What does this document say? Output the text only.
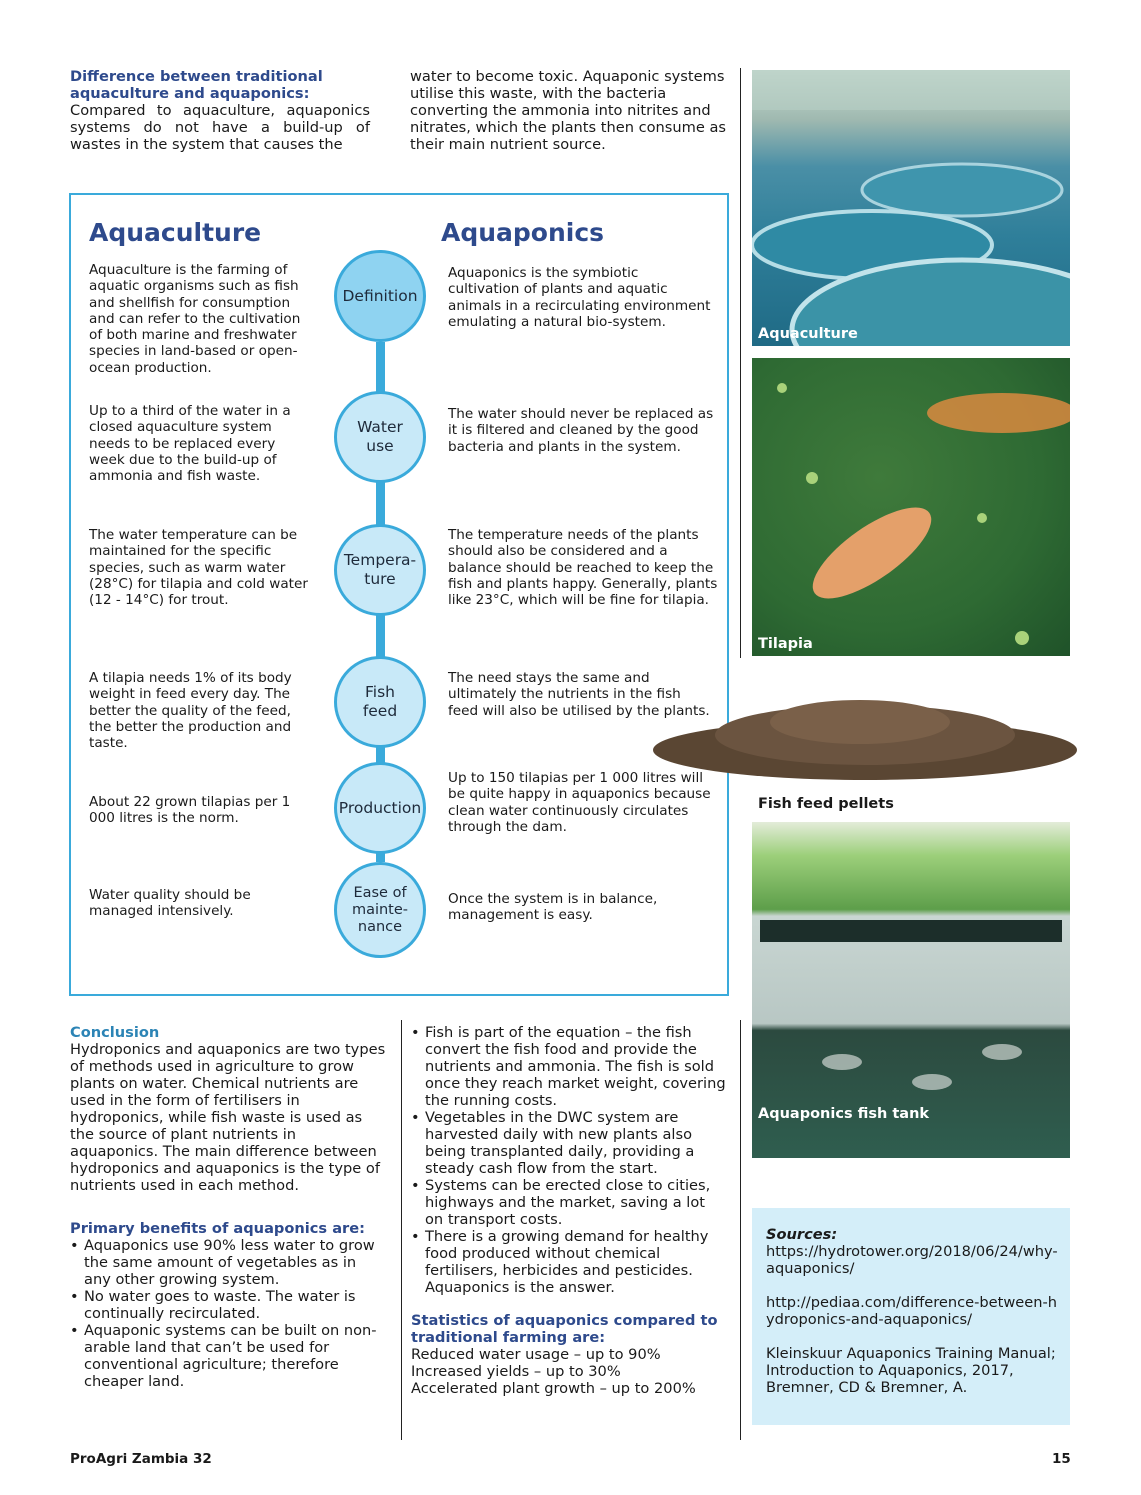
Difference between traditional aquaculture and aquaponics:
Compared to aquaculture, aquaponics systems do not have a build-up of wastes in the system that causes the
water to become toxic. Aquaponic systems utilise this waste, with the bacteria converting the ammonia into nitrites and nitrates, which the plants then consume as their main nutrient source.
Aquaculture	Aquaponics
Definition
Aquaculture is the farming of aquatic organisms such as fish and shellfish for consumption and can refer to the cultivation of both marine and freshwater species in land-based or open-ocean production.
Aquaponics is the symbiotic cultivation of plants and aquatic animals in a recirculating environment emulating a natural bio-system.
Water use
Up to a third of the water in a closed aquaculture system needs to be replaced every week due to the build-up of ammonia and fish waste.
The water should never be replaced as it is filtered and cleaned by the good bacteria and plants in the system.
Tempera-
ture
The water temperature can be maintained for the specific species, such as warm water (28°C) for tilapia and cold water (12 - 14°C) for trout.
The temperature needs of the plants should also be considered and a balance should be reached to keep the fish and plants happy. Generally, plants like 23°C, which will be fine for tilapia.
Fish feed
A tilapia needs 1% of its body weight in feed every day. The better the quality of the feed, the better the production and taste.
The need stays the same and ultimately the nutrients in the fish feed will also be utilised by the plants.
Production
About 22 grown tilapias per 1 000 litres is the norm.
Up to 150 tilapias per 1 000 litres will be quite happy in aquaponics because clean water continuously circulates through the dam.
Ease of
mainte-
nance
Water quality should be managed intensively.
Once the system is in balance, management is easy.
Conclusion
Hydroponics and aquaponics are two types of methods used in agriculture to grow plants on water. Chemical nutrients are used in the form of fertilisers in hydroponics, while fish waste is used as the source of plant nutrients in aquaponics. The main difference between hydroponics and aquaponics is the type of nutrients used in each method.
Primary benefits of aquaponics are:
• Aquaponics use 90% less water to grow the same amount of vegetables as in any other growing system.
• No water goes to waste. The water is continually recirculated.
• Aquaponic systems can be built on non-arable land that can’t be used for conventional agriculture; therefore cheaper land.
• Fish is part of the equation – the fish convert the fish food and provide the nutrients and ammonia. The fish is sold once they reach market weight, covering the running costs.
• Vegetables in the DWC system are harvested daily with new plants also being transplanted daily, providing a steady cash flow from the start.
• Systems can be erected close to cities, highways and the market, saving a lot on transport costs.
• There is a growing demand for healthy food produced without chemical fertilisers, herbicides and pesticides. Aquaponics is the answer.
Statistics of aquaponics compared to traditional farming are:
Reduced water usage – up to 90%
Increased yields – up to 30%
Accelerated plant growth – up to 200%
Aquaculture
Tilapia
Fish feed pellets
Aquaponics fish tank
Sources:
https://hydrotower.org/2018/06/24/why-aquaponics/
http://pediaa.com/difference-between-hydroponics-and-aquaponics/
Kleinskuur Aquaponics Training Manual; Introduction to Aquaponics, 2017, Bremner, CD & Bremner, A.
ProAgri Zambia 32	15
